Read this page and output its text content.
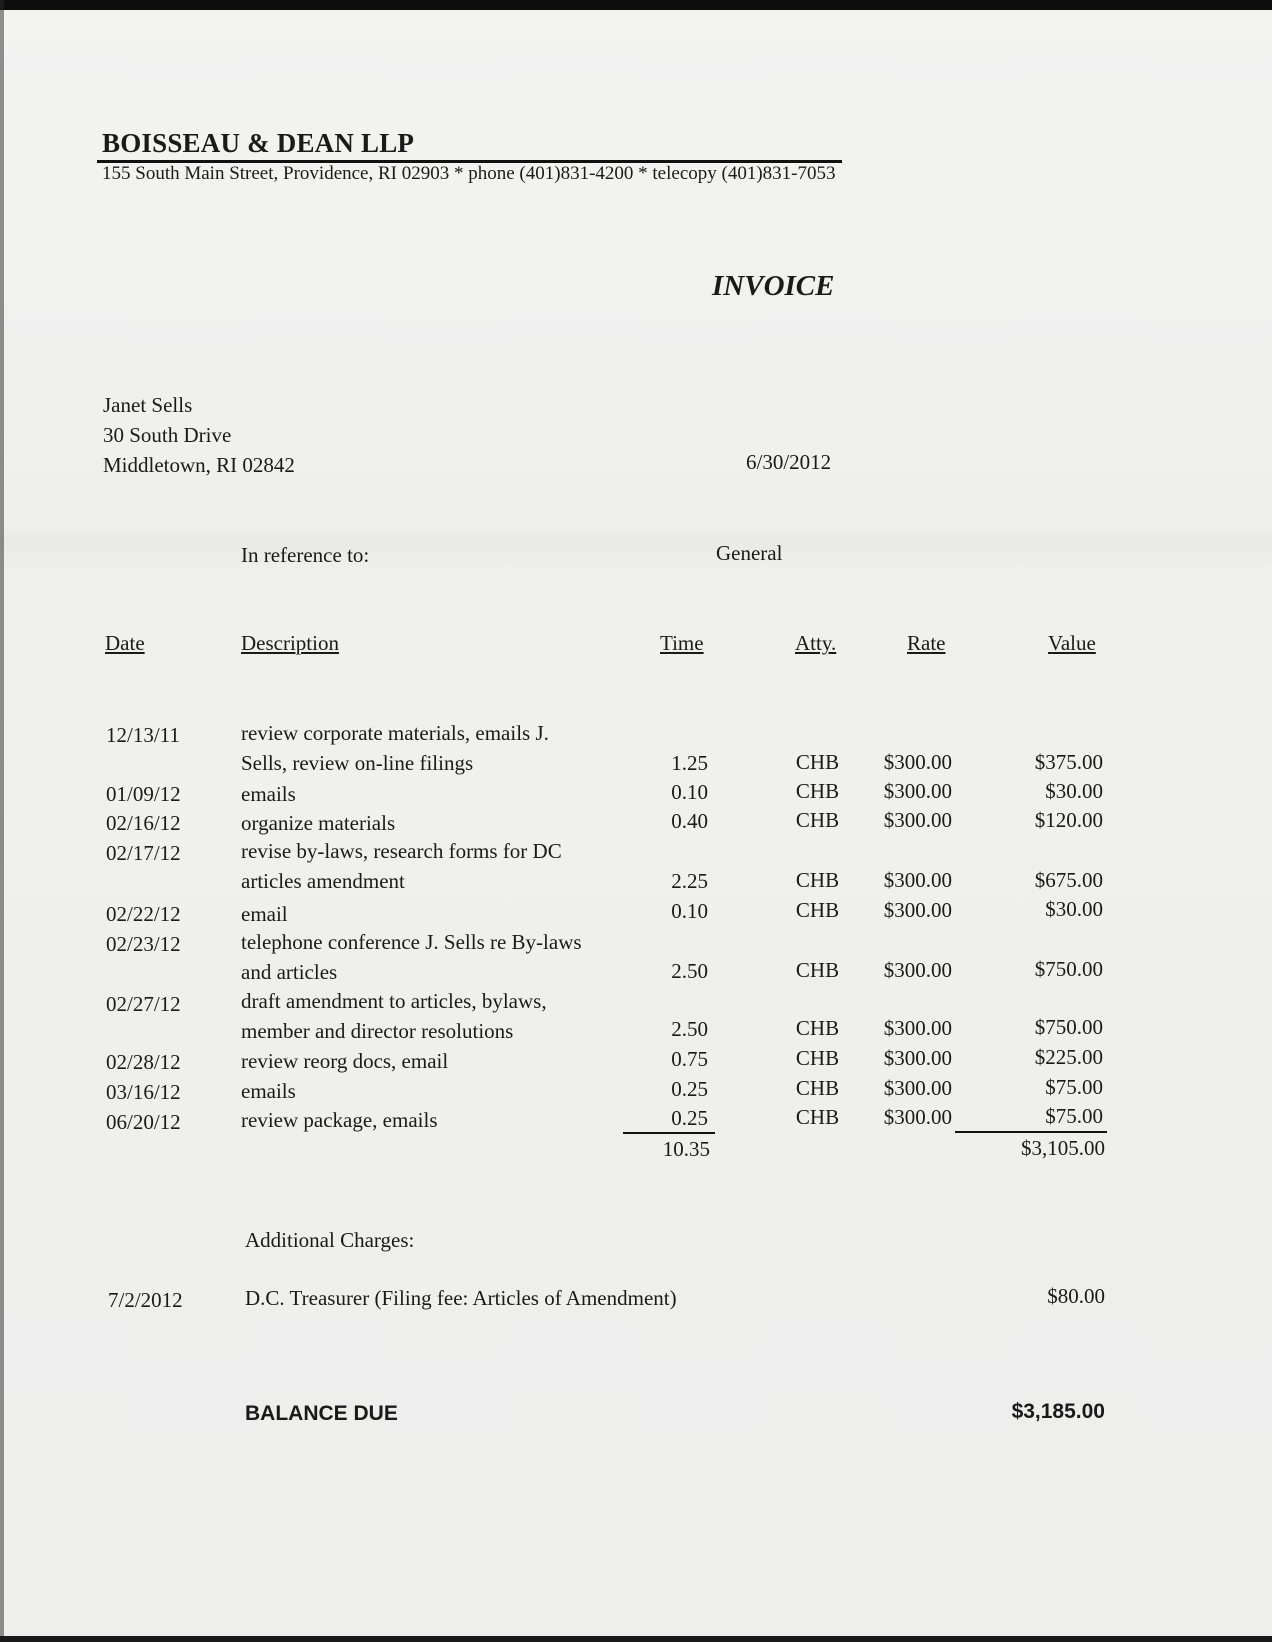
BOISSEAU & DEAN LLP
155 South Main Street, Providence, RI 02903 * phone (401)831-4200 * telecopy (401)831-7053
INVOICE
Janet Sells
30 South Drive
Middletown, RI 02842	6/30/2012
In reference to:	General
Date	Description	Time	Atty.	Rate	Value
12/13/11	review corporate materials, emails J.
Sells, review on-line filings	1.25	CHB	$300.00	$375.00
01/09/12	emails	0.10	CHB	$300.00	$30.00
02/16/12	organize materials	0.40	CHB	$300.00	$120.00
02/17/12	revise by-laws, research forms for DC
articles amendment	2.25	CHB	$300.00	$675.00
02/22/12	email	0.10	CHB	$300.00	$30.00
02/23/12	telephone conference J. Sells re By-laws
and articles	2.50	CHB	$300.00	$750.00
02/27/12	draft amendment to articles, bylaws,
member and director resolutions	2.50	CHB	$300.00	$750.00
02/28/12	review reorg docs, email	0.75	CHB	$300.00	$225.00
03/16/12	emails	0.25	CHB	$300.00	$75.00
06/20/12	review package, emails	0.25	CHB	$300.00	$75.00
10.35	$3,105.00
Additional Charges:
7/2/2012	D.C. Treasurer (Filing fee: Articles of Amendment)	$80.00
BALANCE DUE	$3,185.00
